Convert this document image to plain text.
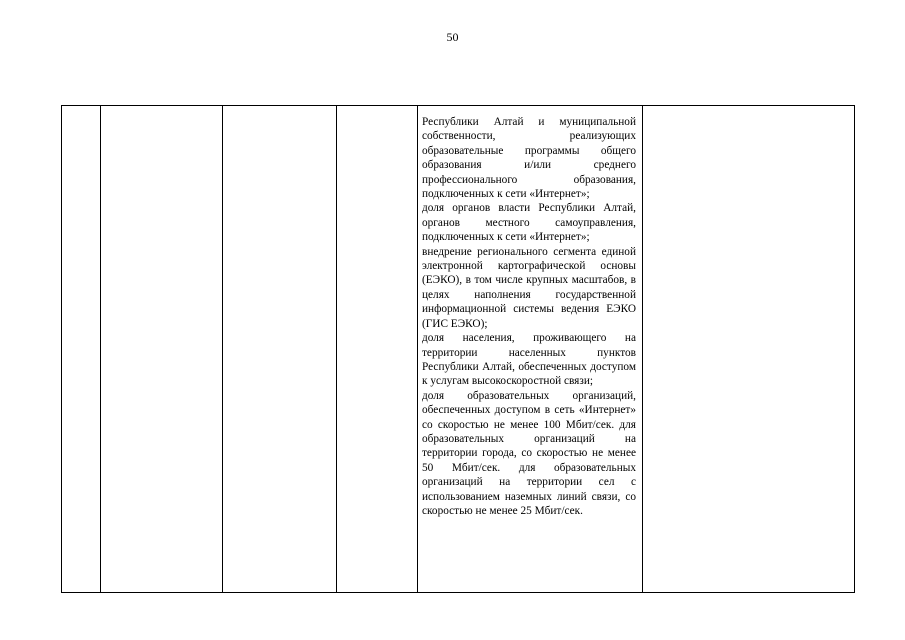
50

Республики Алтай и муниципальной собственности, реализующих образовательные программы общего образования и/или среднего профессионального образования, подключенных к сети «Интернет»;

доля органов власти Республики Алтай, органов местного самоуправления, подключенных к сети «Интернет»;

внедрение регионального сегмента единой электронной картографической основы (ЕЭКО), в том числе крупных масштабов, в целях наполнения государственной информационной системы ведения ЕЭКО (ГИС ЕЭКО);

доля населения, проживающего на территории населенных пунктов Республики Алтай, обеспеченных доступом к услугам высокоскоростной связи;

доля образовательных организаций, обеспеченных доступом в сеть «Интернет» со скоростью не менее 100 Мбит/сек. для образовательных организаций на территории города, со скоростью не менее 50 Мбит/сек. для образовательных организаций на территории сел с использованием наземных линий связи, со скоростью не менее 25 Мбит/сек.
